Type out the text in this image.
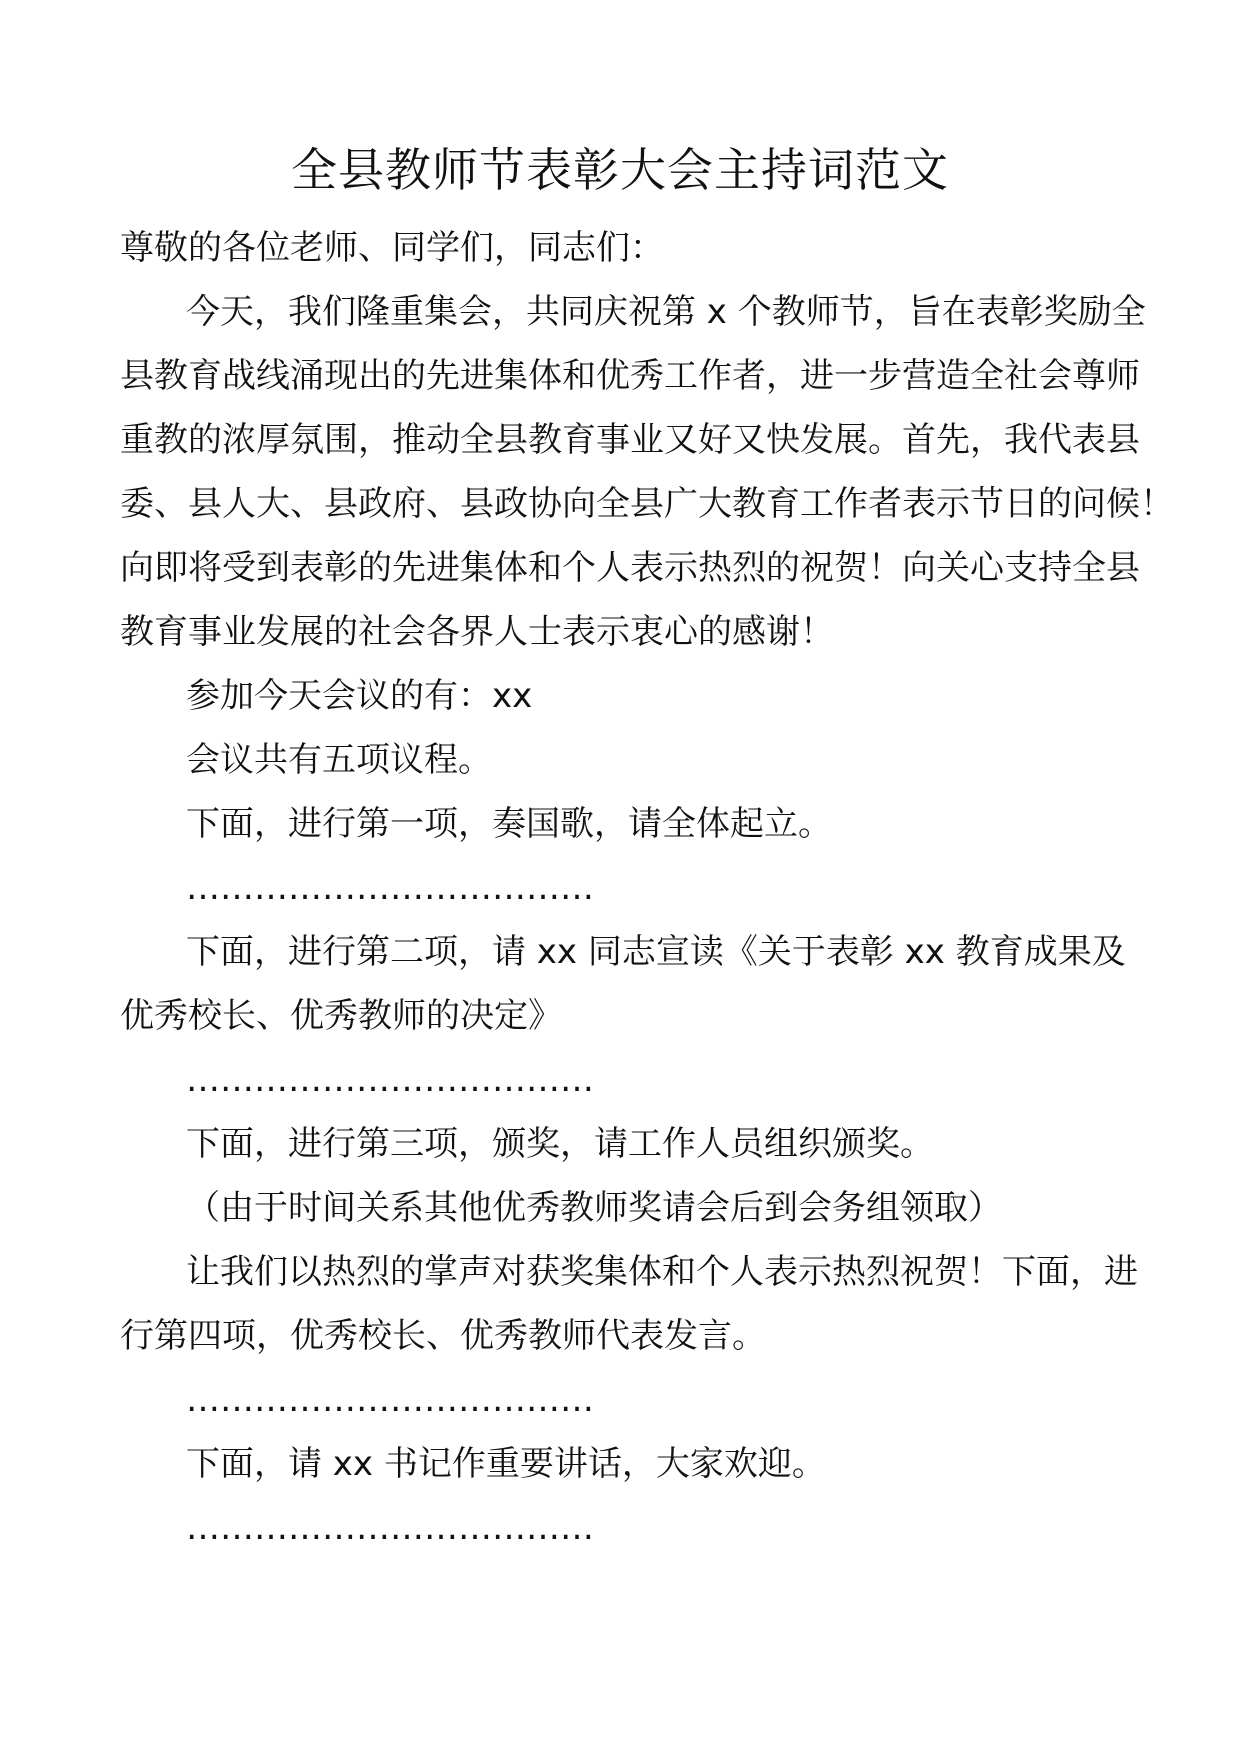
全县教师节表彰大会主持词范文

尊敬的各位老师、同学们，同志们：

今天，我们隆重集会，共同庆祝第 x 个教师节，旨在表彰奖励全

县教育战线涌现出的先进集体和优秀工作者，进一步营造全社会尊师

重教的浓厚氛围，推动全县教育事业又好又快发展。首先，我代表县

委、县人大、县政府、县政协向全县广大教育工作者表示节日的问候！

向即将受到表彰的先进集体和个人表示热烈的祝贺！向关心支持全县

教育事业发展的社会各界人士表示衷心的感谢！

参加今天会议的有：xx

会议共有五项议程。

下面，进行第一项，奏国歌，请全体起立。

………………………………

下面，进行第二项，请 xx 同志宣读《关于表彰 xx 教育成果及

优秀校长、优秀教师的决定》

………………………………

下面，进行第三项，颁奖，请工作人员组织颁奖。

（由于时间关系其他优秀教师奖请会后到会务组领取）

让我们以热烈的掌声对获奖集体和个人表示热烈祝贺！下面，进

行第四项，优秀校长、优秀教师代表发言。

………………………………

下面，请 xx 书记作重要讲话，大家欢迎。

………………………………
